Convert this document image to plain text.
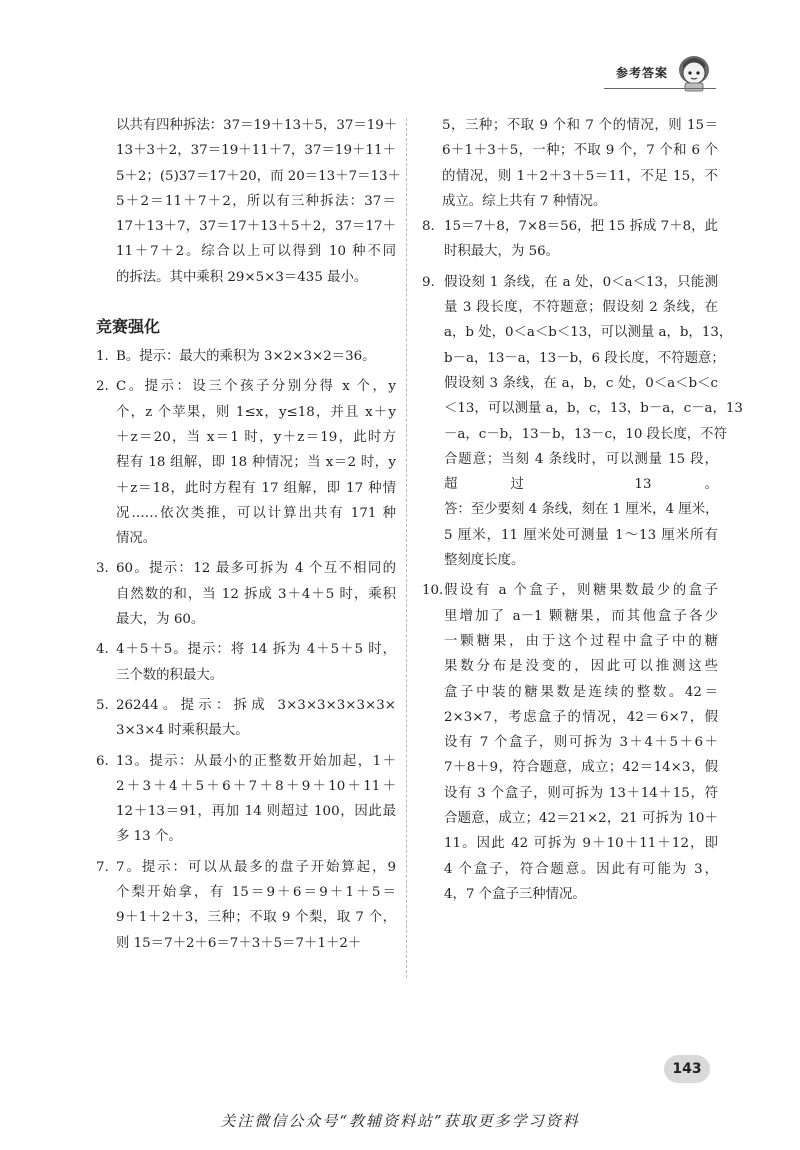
参考答案
以共有四种拆法：37＝19＋13＋5，37＝19＋
13＋3＋2，37＝19＋11＋7，37＝19＋11＋
5＋2；(5)37＝17＋20，而 20＝13＋7＝13＋
5＋2＝11＋7＋2，所以有三种拆法：37＝
17＋13＋7，37＝17＋13＋5＋2，37＝17＋
11＋7＋2。综合以上可以得到 10 种不同
的拆法。其中乘积 29×5×3＝435 最小。
竞赛强化
1. B。提示：最大的乘积为 3×2×3×2＝36。
2. C。提示：设三个孩子分别分得 x 个，y
个，z 个苹果，则 1≤x，y≤18，并且 x＋y
＋z＝20，当 x＝1 时，y＋z＝19，此时方
程有 18 组解，即 18 种情况；当 x＝2 时，y
＋z＝18，此时方程有 17 组解，即 17 种情
况……依次类推，可以计算出共有 171 种
情况。
3. 60。提示：12 最多可拆为 4 个互不相同的
自然数的和，当 12 拆成 3＋4＋5 时，乘积
最大，为 60。
4. 4＋5＋5。提示：将 14 拆为 4＋5＋5 时，
三个数的积最大。
5. 26244。提示：拆成 3×3×3×3×3×3×
3×3×4 时乘积最大。
6. 13。提示：从最小的正整数开始加起，1＋
2＋3＋4＋5＋6＋7＋8＋9＋10＋11＋
12＋13＝91，再加 14 则超过 100，因此最
多 13 个。
7. 7。提示：可以从最多的盘子开始算起，9
个梨开始拿，有 15＝9＋6＝9＋1＋5＝
9＋1＋2＋3，三种；不取 9 个梨，取 7 个，
则 15＝7＋2＋6＝7＋3＋5＝7＋1＋2＋
5，三种；不取 9 个和 7 个的情况，则 15＝
6＋1＋3＋5，一种；不取 9 个，7 个和 6 个
的情况，则 1＋2＋3＋5＝11，不足 15，不
成立。综上共有 7 种情况。
8. 15＝7＋8，7×8＝56，把 15 拆成 7＋8，此
时积最大，为 56。
9. 假设刻 1 条线，在 a 处，0＜a＜13，只能测
量 3 段长度，不符题意；假设刻 2 条线，在
a，b 处，0＜a＜b＜13，可以测量 a，b，13，
b－a，13－a，13－b，6 段长度，不符题意；
假设刻 3 条线，在 a，b，c 处，0＜a＜b＜c
＜13，可以测量 a，b，c，13，b－a，c－a，13
－a，c－b，13－b，13－c，10 段长度，不符
合题意；当刻 4 条线时，可以测量 15 段，
超过 13。
答：至少要刻 4 条线，刻在 1 厘米，4 厘米，
5 厘米，11 厘米处可测量 1～13 厘米所有
整刻度长度。
10. 假设有 a 个盒子，则糖果数最少的盒子
里增加了 a－1 颗糖果，而其他盒子各少
一颗糖果，由于这个过程中盒子中的糖
果数分布是没变的，因此可以推测这些
盒子中装的糖果数是连续的整数。42＝
2×3×7，考虑盒子的情况，42＝6×7，假
设有 7 个盒子，则可拆为 3＋4＋5＋6＋
7＋8＋9，符合题意，成立；42＝14×3，假
设有 3 个盒子，则可拆为 13＋14＋15，符
合题意，成立；42＝21×2，21 可拆为 10＋
11。因此 42 可拆为 9＋10＋11＋12，即
4 个盒子，符合题意。因此有可能为 3，
4，7 个盒子三种情况。
143
关注微信公众号“教辅资料站”获取更多学习资料
